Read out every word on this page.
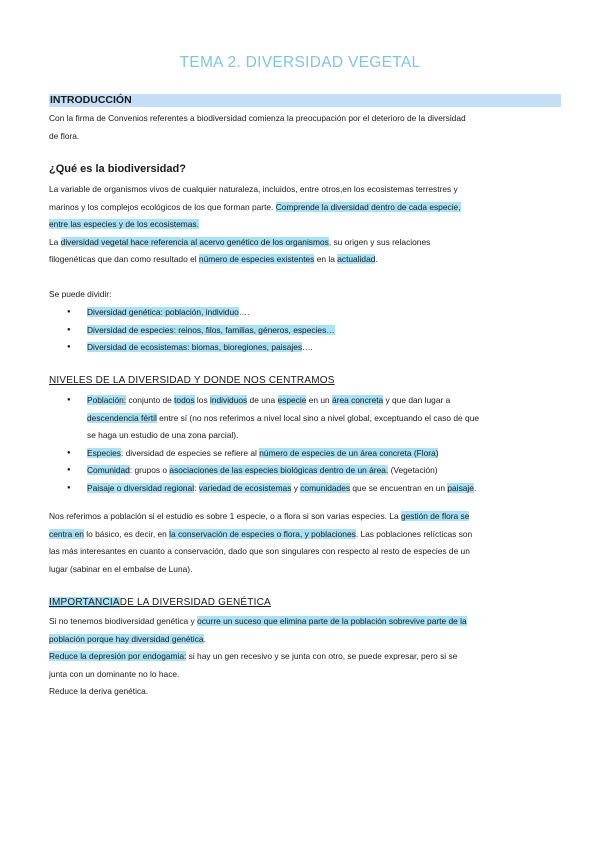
TEMA 2. DIVERSIDAD VEGETAL
INTRODUCCIÓN
Con la firma de Convenios referentes a biodiversidad comienza la preocupación por el deterioro de la diversidad
de flora.
¿Qué es la biodiversidad?
La variable de organismos vivos de cualquier naturaleza, incluidos, entre otros,en los ecosistemas terrestres y
marinos y los complejos ecológicos de los que forman parte. Comprende la diversidad dentro de cada especie,
entre las especies y de los ecosistemas.
La diversidad vegetal hace referencia al acervo genético de los organismos, su origen y sus relaciones
filogenéticas que dan como resultado el número de especies existentes en la actualidad.
Se puede dividir:
● Diversidad genética: población, individuo….
● Diversidad de especies: reinos, filos, familias, géneros, especies…
● Diversidad de ecosistemas: biomas, bioregiones, paisajes….
NIVELES DE LA DIVERSIDAD Y DONDE NOS CENTRAMOS
● Población: conjunto de todos los individuos de una especie en un área concreta y que dan lugar a
descendencia fértil entre sí (no nos referimos a nivel local sino a nivel global, exceptuando el caso de que
se haga un estudio de una zona parcial).
● Especies: diversidad de especies se refiere al número de especies de un área concreta (Flora)
● Comunidad: grupos o asociaciones de las especies biológicas dentro de un área. (Vegetación)
● Paisaje o diversidad regional: variedad de ecosistemas y comunidades que se encuentran en un paisaje.
Nos referimos a población si el estudio es sobre 1 especie, o a flora si son varias especies. La gestión de flora se
centra en lo básico, es decir, en la conservación de especies o flora, y poblaciones. Las poblaciones relícticas son
las más interesantes en cuanto a conservación, dado que son singulares con respecto al resto de especies de un
lugar (sabinar en el embalse de Luna).
IMPORTANCIADE LA DIVERSIDAD GENÉTICA
Si no tenemos biodiversidad genética y ocurre un suceso que elimina parte de la población sobrevive parte de la
población porque hay diversidad genética.
Reduce la depresión por endogamia: si hay un gen recesivo y se junta con otro, se puede expresar, pero si se
junta con un dominante no lo hace.
Reduce la deriva genética.
